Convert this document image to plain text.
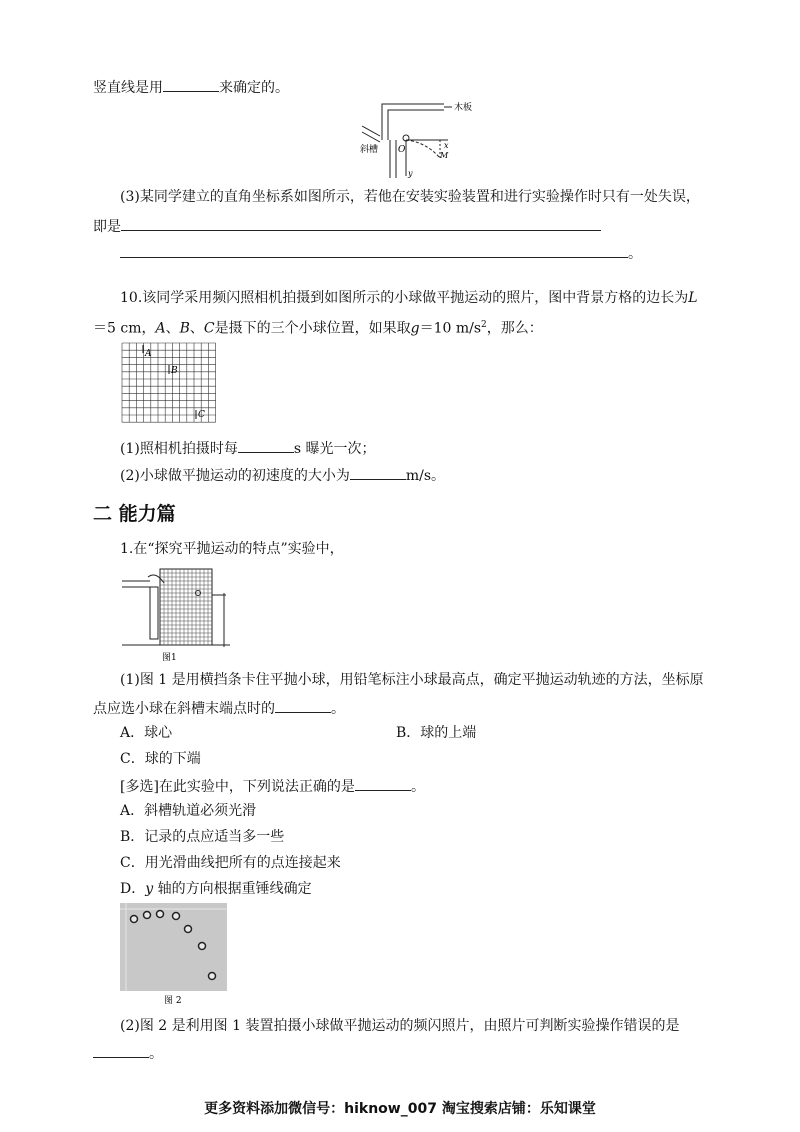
竖直线是用	来确定的。
木板
斜槽 O	x
y
M
(3)某同学建立的直角坐标系如图所示，若他在安装实验装置和进行实验操作时只有一处失误，
即是
。
10.该同学采用频闪照相机拍摄到如图所示的小球做平抛运动的照片，图中背景方格的边长为L
＝5 cm，A、B、C是摄下的三个小球位置，如果取g＝10 $m/s^2$，那么：
A
B
C
(1)照相机拍摄时每	s 曝光一次；
(2)小球做平抛运动的初速度的大小为	m/s。
二 能力篇
1.在“探究平抛运动的特点”实验中，
图1
(1)图 1 是用横挡条卡住平抛小球，用铅笔标注小球最高点，确定平抛运动轨迹的方法，坐标原
点应选小球在斜槽末端点时的	。
A．球心	B．球的上端
C．球的下端
[多选]在此实验中，下列说法正确的是	。
A．斜槽轨道必须光滑
B．记录的点应适当多一些
C．用光滑曲线把所有的点连接起来
D．y 轴的方向根据重锤线确定
图 2
(2)图 2 是利用图 1 装置拍摄小球做平抛运动的频闪照片，由照片可判断实验操作错误的是
。
更多资料添加微信号：hiknow_007 淘宝搜索店铺：乐知课堂
